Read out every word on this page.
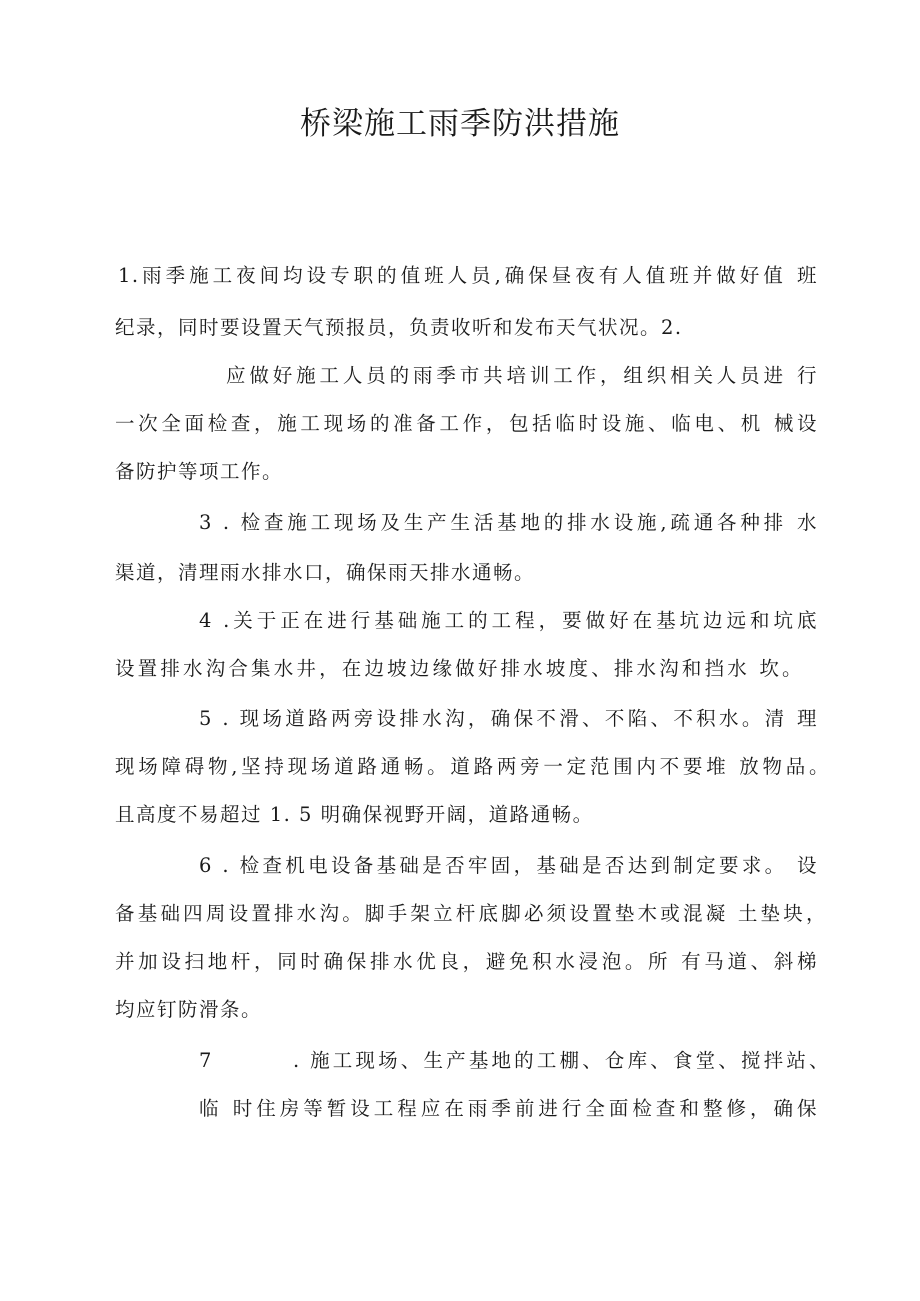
桥梁施工雨季防洪措施
1.雨季施工夜间均设专职的值班人员,确保昼夜有人值班并做好值 班
纪录，同时要设置天气预报员，负责收听和发布天气状况。2.
应做好施工人员的雨季市共培训工作，组织相关人员进 行
一次全面检查，施工现场的准备工作，包括临时设施、临电、机 械设
备防护等项工作。
3 . 检查施工现场及生产生活基地的排水设施,疏通各种排 水
渠道，清理雨水排水口，确保雨天排水通畅。
4 .关于正在进行基础施工的工程，要做好在基坑边远和坑底
设置排水沟合集水井，在边坡边缘做好排水坡度、排水沟和挡水 坎。
5 . 现场道路两旁设排水沟，确保不滑、不陷、不积水。清 理
现场障碍物,坚持现场道路通畅。道路两旁一定范围内不要堆 放物品。
且高度不易超过 1. 5 明确保视野开阔，道路通畅。
6 . 检查机电设备基础是否牢固，基础是否达到制定要求。 设
备基础四周设置排水沟。脚手架立杆底脚必须设置垫木或混凝 土垫块，
并加设扫地杆，同时确保排水优良，避免积水浸泡。所 有马道、斜梯
均应钉防滑条。
7	. 施工现场、生产基地的工棚、仓库、食堂、搅拌站、
临 时住房等暂设工程应在雨季前进行全面检查和整修，确保
